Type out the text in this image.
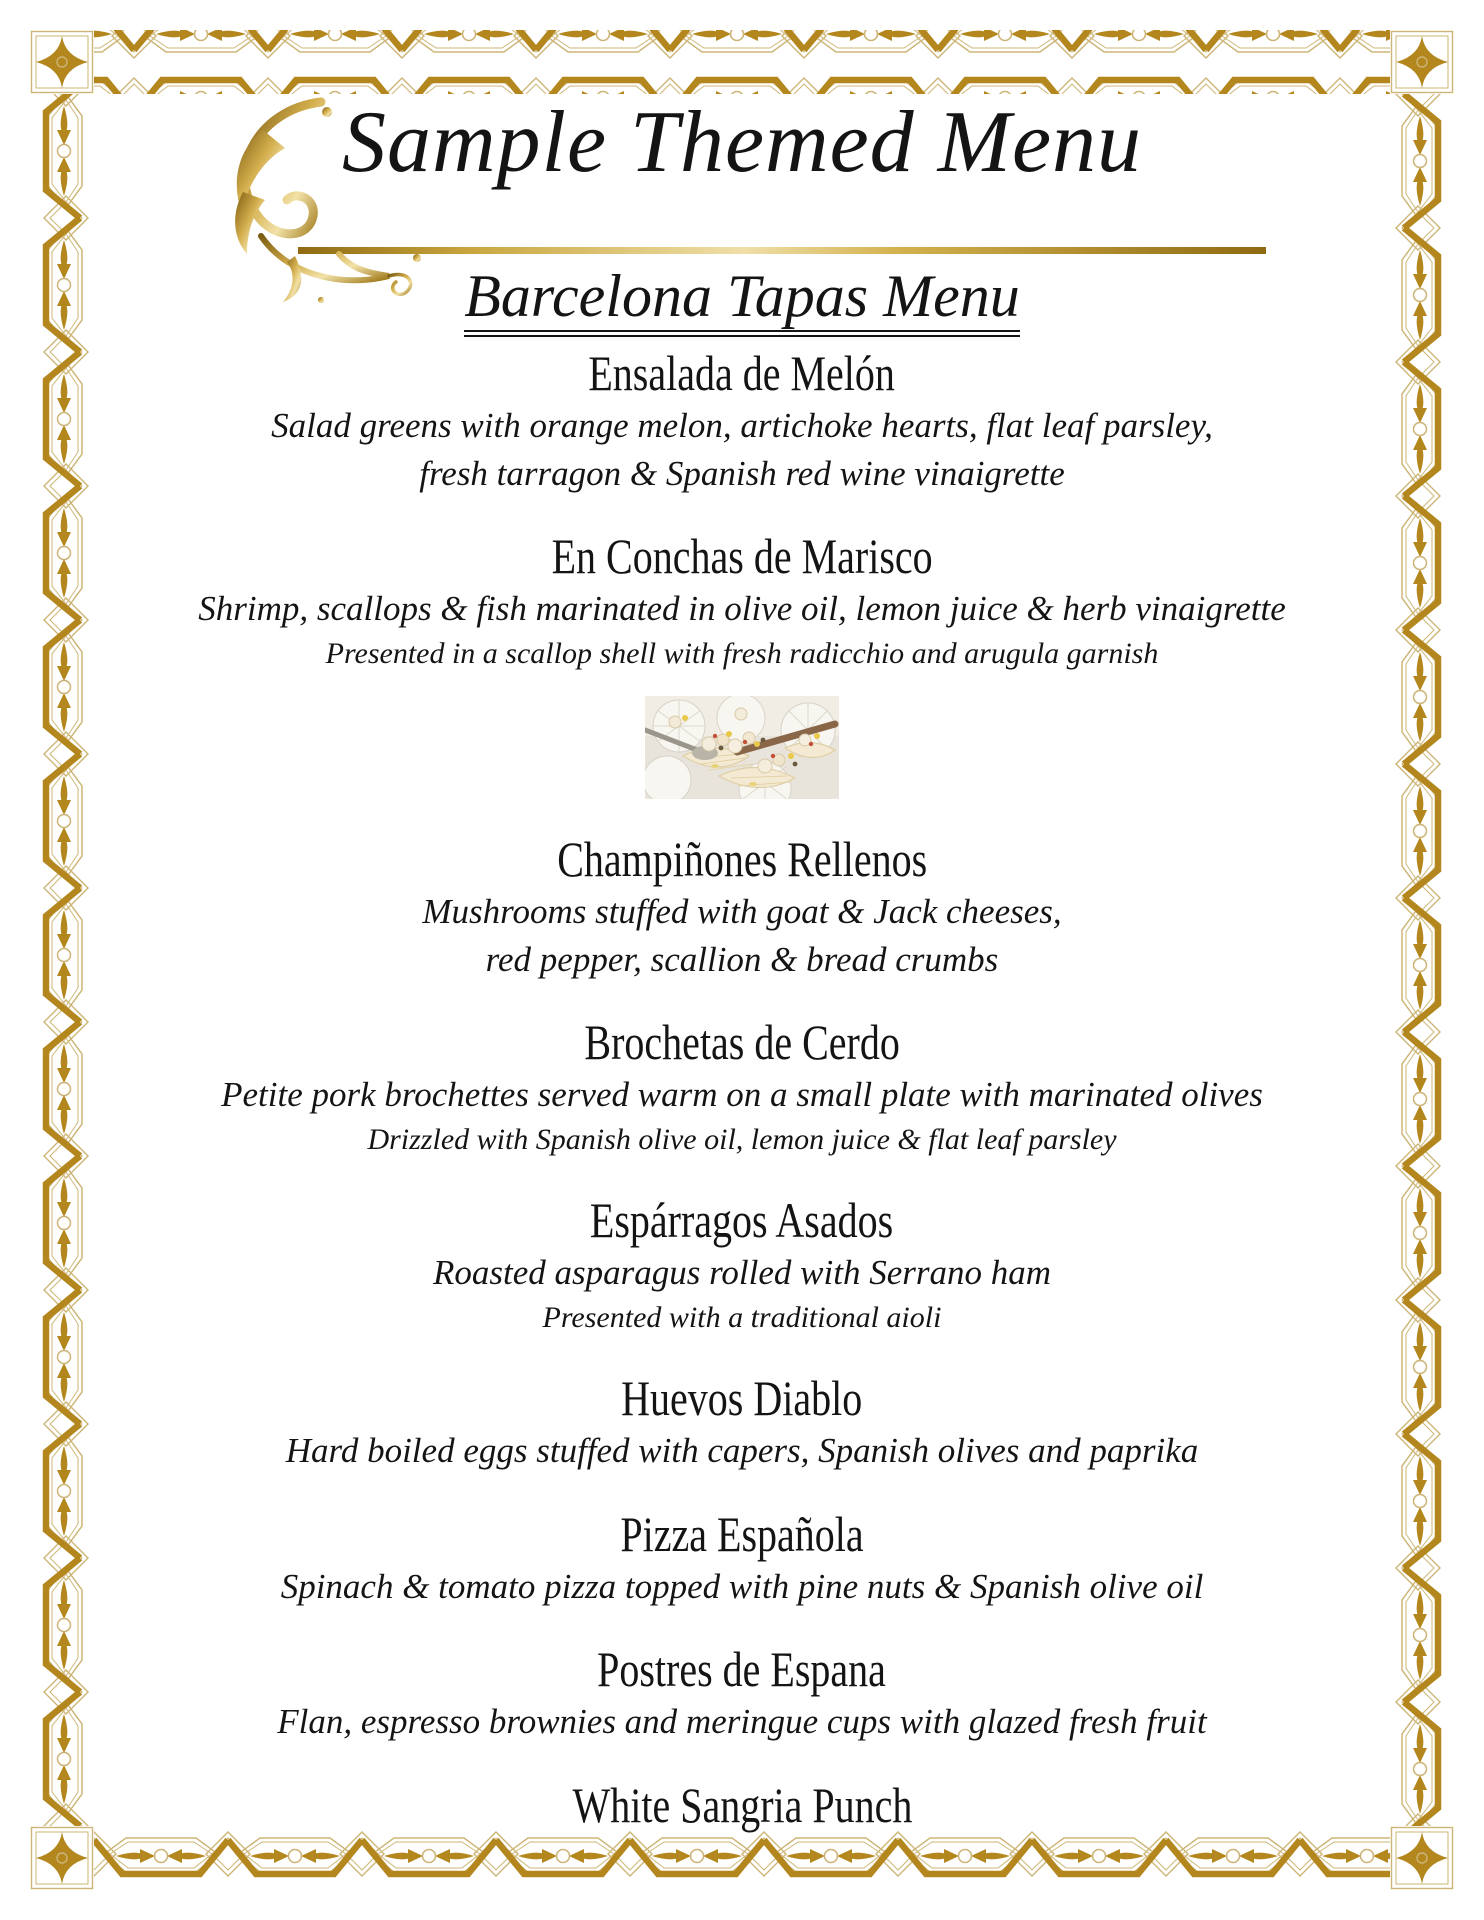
Sample Themed Menu
Barcelona Tapas Menu
Ensalada de Melón

Salad greens with orange melon, artichoke hearts, flat leaf parsley,

fresh tarragon & Spanish red wine vinaigrette

En Conchas de Marisco

Shrimp, scallops & fish marinated in olive oil, lemon juice & herb vinaigrette

Presented in a scallop shell with fresh radicchio and arugula garnish

Champiñones Rellenos

Mushrooms stuffed with goat & Jack cheeses,

red pepper, scallion & bread crumbs

Brochetas de Cerdo

Petite pork brochettes served warm on a small plate with marinated olives

Drizzled with Spanish olive oil, lemon juice & flat leaf parsley

Espárragos Asados

Roasted asparagus rolled with Serrano ham

Presented with a traditional aioli

Huevos Diablo

Hard boiled eggs stuffed with capers, Spanish olives and paprika

Pizza Española

Spinach & tomato pizza topped with pine nuts & Spanish olive oil

Postres de Espana

Flan, espresso brownies and meringue cups with glazed fresh fruit

White Sangria Punch
